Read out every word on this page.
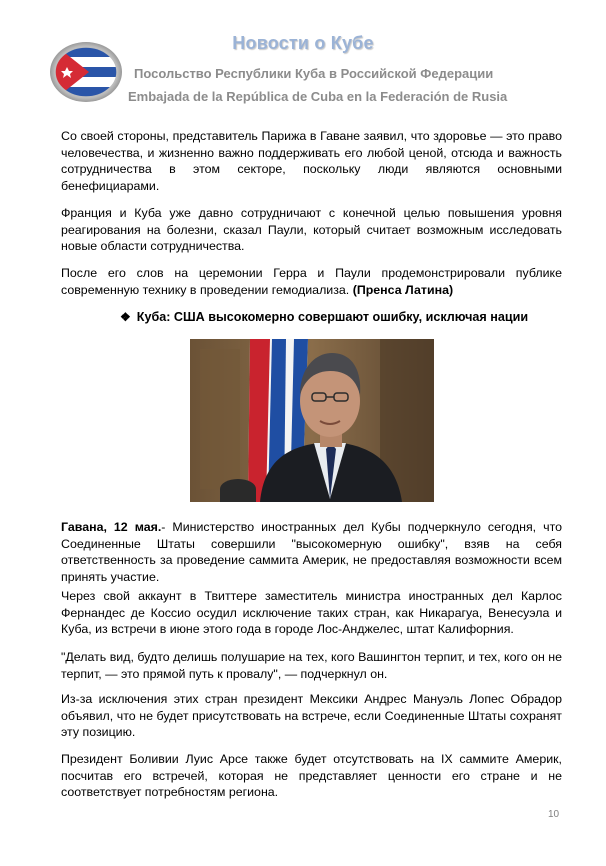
Новости о Кубе
Посольство Республики Куба в Российской Федерации
Embajada de la República de Cuba en la Federación de Rusia

Со своей стороны, представитель Парижа в Гаване заявил, что здоровье — это право человечества, и жизненно важно поддерживать его любой ценой, отсюда и важность сотрудничества в этом секторе, поскольку люди являются основными бенефициарами.

Франция и Куба уже давно сотрудничают с конечной целью повышения уровня реагирования на болезни, сказал Паули, который считает возможным исследовать новые области сотрудничества.

После его слов на церемонии Герра и Паули продемонстрировали публике современную технику в проведении гемодиализа. (Пренса Латина)

❖ Куба: США высокомерно совершают ошибку, исключая нации

Гавана, 12 мая.- Министерство иностранных дел Кубы подчеркнуло сегодня, что Соединенные Штаты совершили "высокомерную ошибку", взяв на себя ответственность за проведение саммита Америк, не предоставляя возможности всем принять участие.

Через свой аккаунт в Твиттере заместитель министра иностранных дел Карлос Фернандес де Коссио осудил исключение таких стран, как Никарагуа, Венесуэла и Куба, из встречи в июне этого года в городе Лос-Анджелес, штат Калифорния.

"Делать вид, будто делишь полушарие на тех, кого Вашингтон терпит, и тех, кого он не терпит, — это прямой путь к провалу", — подчеркнул он.

Из-за исключения этих стран президент Мексики Андрес Мануэль Лопес Обрадор объявил, что не будет присутствовать на встрече, если Соединенные Штаты сохранят эту позицию.

Президент Боливии Луис Арсе также будет отсутствовать на IX саммите Америк, посчитав его встречей, которая не представляет ценности его стране и не соответствует потребностям региона.

10
